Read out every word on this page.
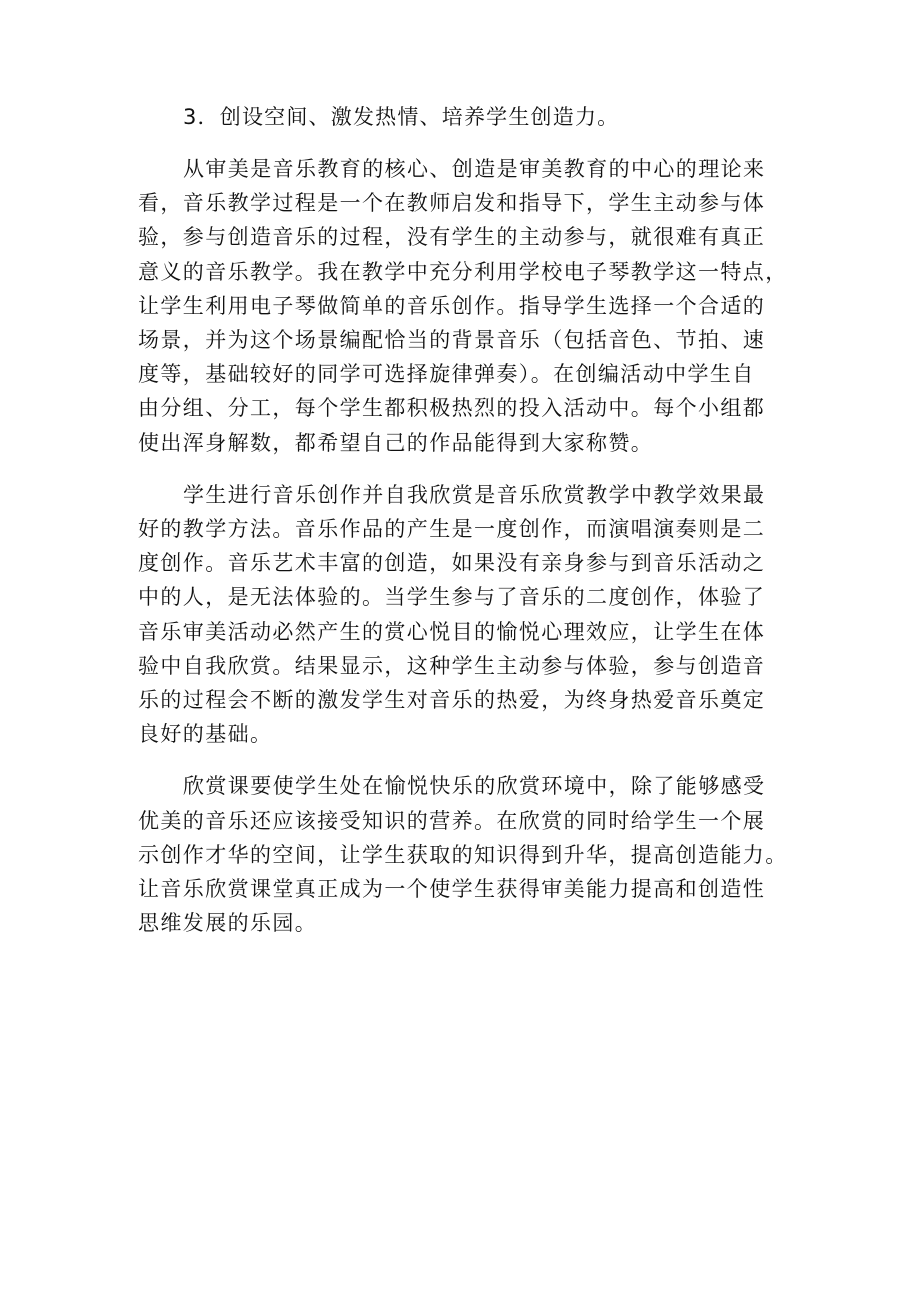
3．创设空间、激发热情、培养学生创造力。

从审美是音乐教育的核心、创造是审美教育的中心的理论来
看，音乐教学过程是一个在教师启发和指导下，学生主动参与体
验，参与创造音乐的过程，没有学生的主动参与，就很难有真正
意义的音乐教学。我在教学中充分利用学校电子琴教学这一特点，
让学生利用电子琴做简单的音乐创作。指导学生选择一个合适的
场景，并为这个场景编配恰当的背景音乐（包括音色、节拍、速
度等，基础较好的同学可选择旋律弹奏）。在创编活动中学生自
由分组、分工，每个学生都积极热烈的投入活动中。每个小组都
使出浑身解数，都希望自己的作品能得到大家称赞。
学生进行音乐创作并自我欣赏是音乐欣赏教学中教学效果最
好的教学方法。音乐作品的产生是一度创作，而演唱演奏则是二
度创作。音乐艺术丰富的创造，如果没有亲身参与到音乐活动之
中的人，是无法体验的。当学生参与了音乐的二度创作，体验了
音乐审美活动必然产生的赏心悦目的愉悦心理效应，让学生在体
验中自我欣赏。结果显示，这种学生主动参与体验，参与创造音
乐的过程会不断的激发学生对音乐的热爱，为终身热爱音乐奠定
良好的基础。
欣赏课要使学生处在愉悦快乐的欣赏环境中，除了能够感受
优美的音乐还应该接受知识的营养。在欣赏的同时给学生一个展
示创作才华的空间，让学生获取的知识得到升华，提高创造能力。
让音乐欣赏课堂真正成为一个使学生获得审美能力提高和创造性
思维发展的乐园。
